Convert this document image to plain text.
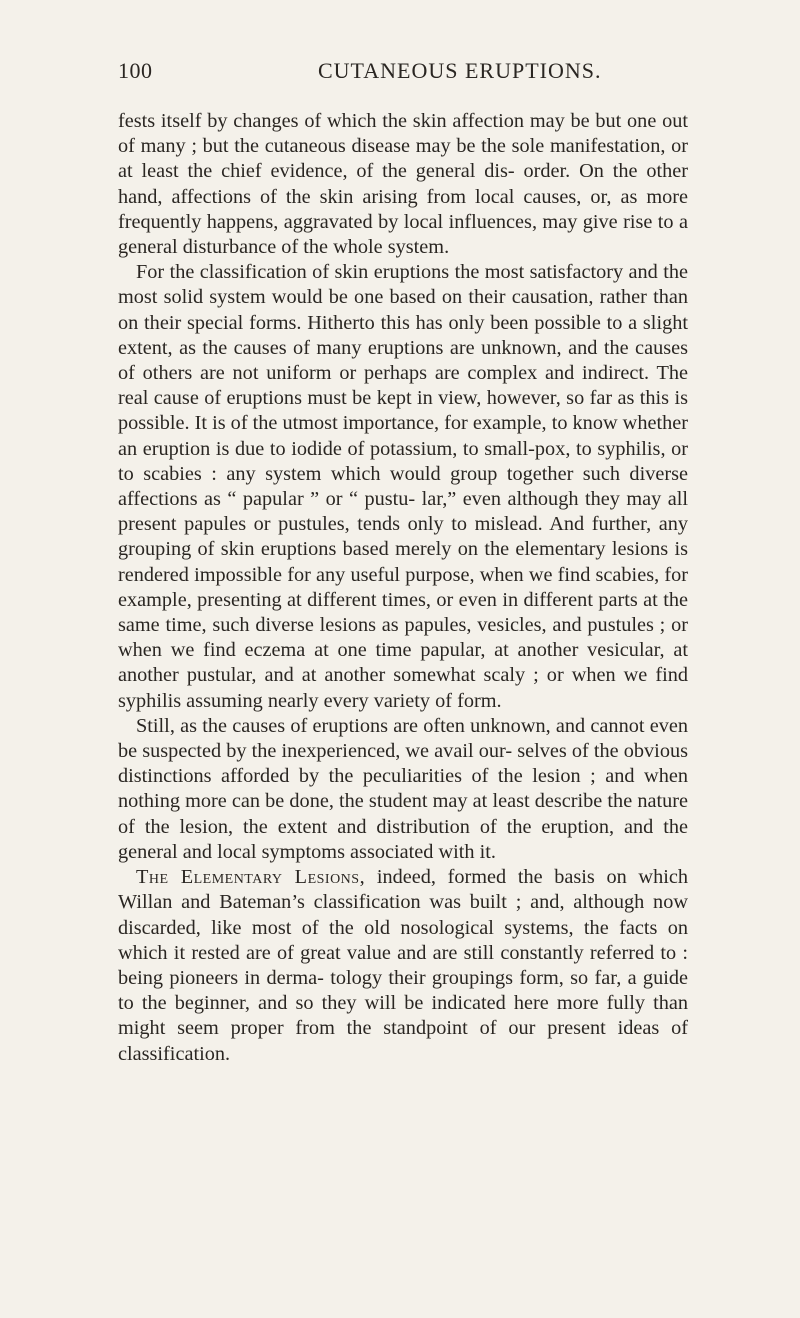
100	CUTANEOUS ERUPTIONS.

fests itself by changes of which the skin affection may be but one out of many ; but the cutaneous disease may be the sole manifestation, or at least the chief evidence, of the general dis- order. On the other hand, affections of the skin arising from local causes, or, as more frequently happens, aggravated by local influences, may give rise to a general disturbance of the whole system.

For the classification of skin eruptions the most satisfactory and the most solid system would be one based on their causation, rather than on their special forms. Hitherto this has only been possible to a slight extent, as the causes of many eruptions are unknown, and the causes of others are not uniform or perhaps are complex and indirect. The real cause of eruptions must be kept in view, however, so far as this is possible. It is of the utmost importance, for example, to know whether an eruption is due to iodide of potassium, to small-pox, to syphilis, or to scabies : any system which would group together such diverse affections as “ papular ” or “ pustu- lar,” even although they may all present papules or pustules, tends only to mislead. And further, any grouping of skin eruptions based merely on the elementary lesions is rendered impossible for any useful purpose, when we find scabies, for example, presenting at different times, or even in different parts at the same time, such diverse lesions as papules, vesicles, and pustules ; or when we find eczema at one time papular, at another vesicular, at another pustular, and at another somewhat scaly ; or when we find syphilis assuming nearly every variety of form.

Still, as the causes of eruptions are often unknown, and cannot even be suspected by the inexperienced, we avail our- selves of the obvious distinctions afforded by the peculiarities of the lesion ; and when nothing more can be done, the student may at least describe the nature of the lesion, the extent and distribution of the eruption, and the general and local symptoms associated with it.

The Elementary Lesions, indeed, formed the basis on which Willan and Bateman’s classification was built ; and, although now discarded, like most of the old nosological systems, the facts on which it rested are of great value and are still constantly referred to : being pioneers in derma- tology their groupings form, so far, a guide to the beginner, and so they will be indicated here more fully than might seem proper from the standpoint of our present ideas of classification.
